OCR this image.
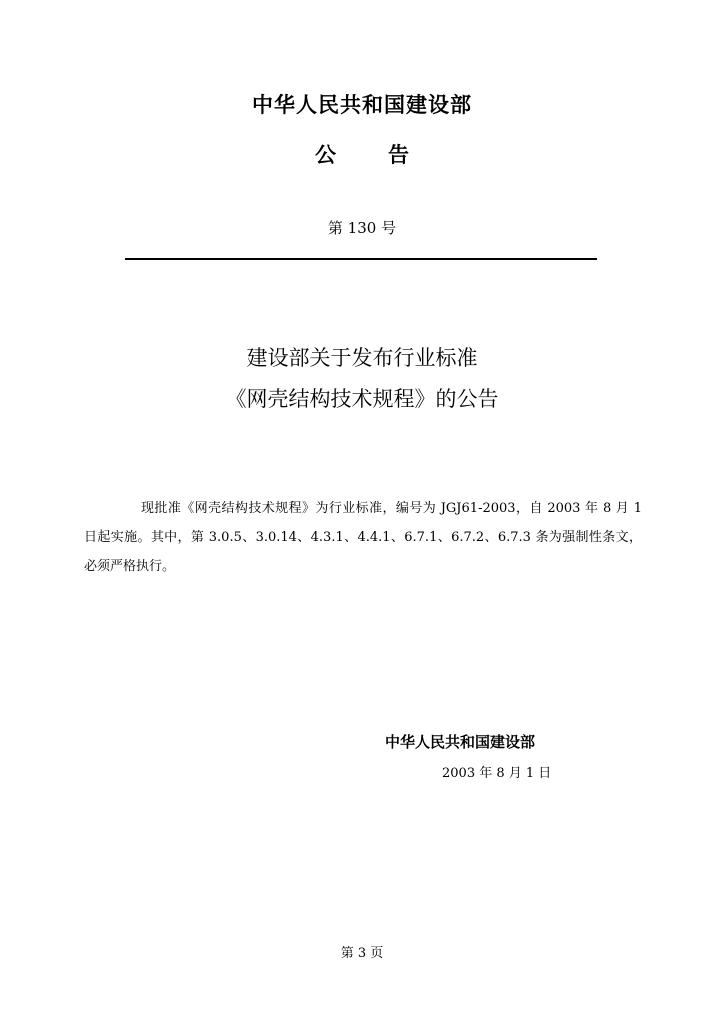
中华人民共和国建设部
公 告
第 130 号
建设部关于发布行业标准
《网壳结构技术规程》的公告
现批准《网壳结构技术规程》为行业标准，编号为 JGJ61-2003，自 2003 年 8 月 1 日起实施。其中，第 3.0.5、3.0.14、4.3.1、4.4.1、6.7.1、6.7.2、6.7.3 条为强制性条文，必须严格执行。
中华人民共和国建设部
2003 年 8 月 1 日
第 3 页
